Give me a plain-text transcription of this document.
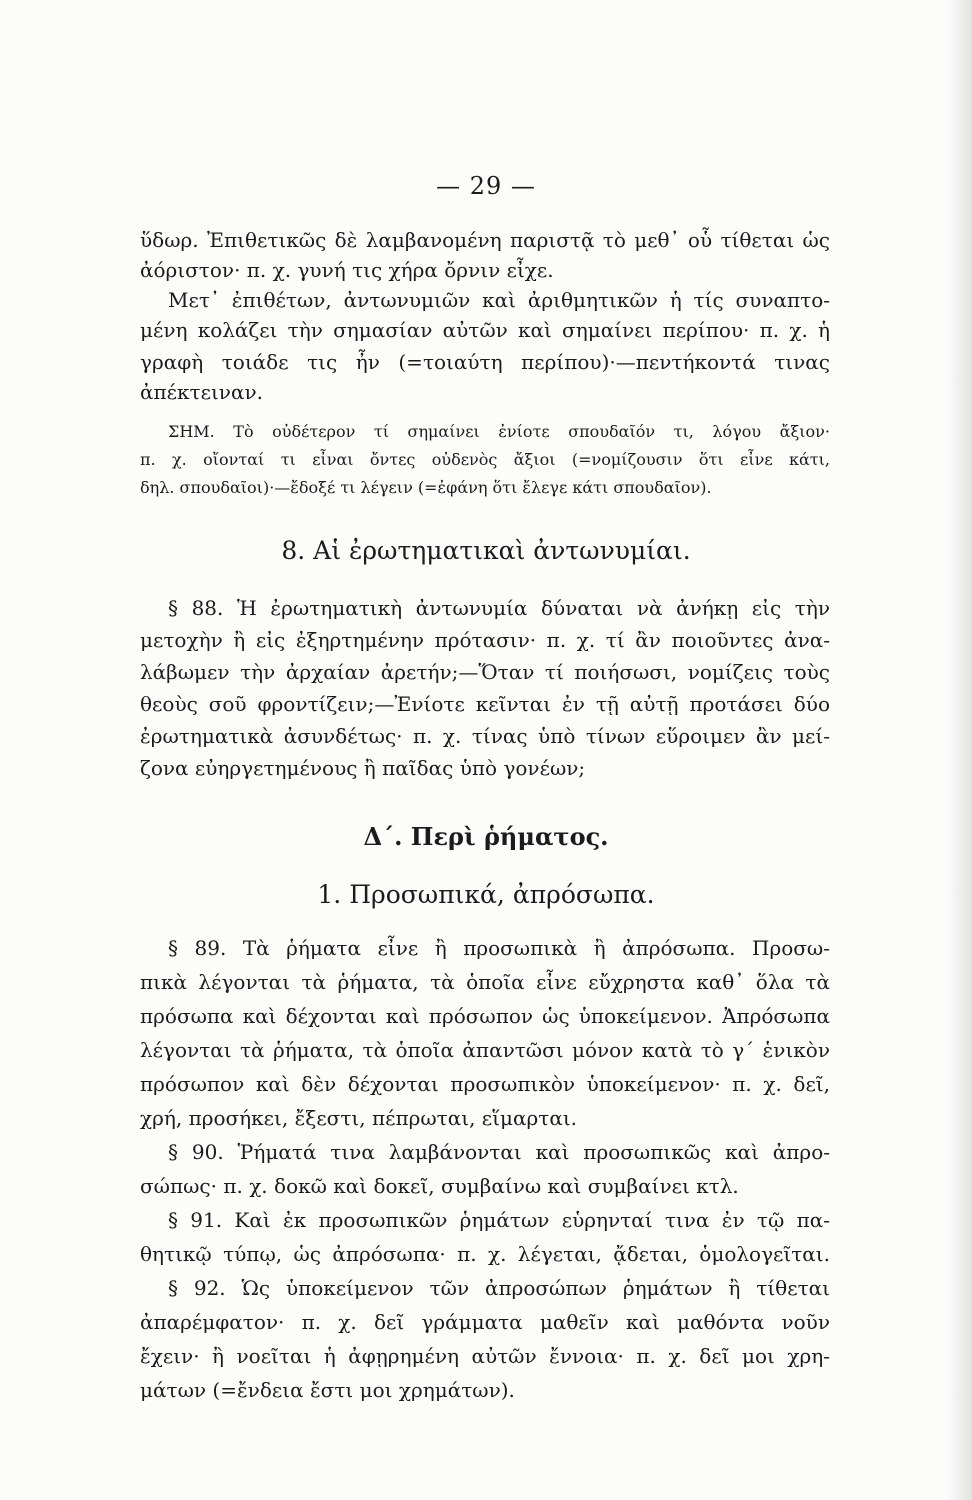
— 29 —
ὕδωρ. Ἐπιθετικῶς δὲ λαμβανομένη παριστᾷ τὸ μεθ᾽ οὗ τίθεται ὡς
ἀόριστον· π. χ. γυνή τις χήρα ὄρνιν εἶχε.
Μετ᾽ ἐπιθέτων, ἀντωνυμιῶν καὶ ἀριθμητικῶν ἡ τίς συναπτο-
μένη κολάζει τὴν σημασίαν αὐτῶν καὶ σημαίνει περίπου· π. χ. ἡ
γραφὴ τοιάδε τις ἦν (=τοιαύτη περίπου)·—πεντήκοντά τινας
ἀπέκτειναν.
ΣΗΜ. Τὸ οὐδέτερον τί σημαίνει ἐνίοτε σπουδαῖόν τι, λόγου ἄξιον·
π. χ. οἴονταί τι εἶναι ὄντες οὐδενὸς ἄξιοι (=νομίζουσιν ὅτι εἶνε κάτι,
δηλ. σπουδαῖοι)·—ἔδοξέ τι λέγειν (=ἐφάνη ὅτι ἔλεγε κάτι σπουδαῖον).
8. Αἱ ἐρωτηματικαὶ ἀντωνυμίαι.
§ 88. Ἡ ἐρωτηματικὴ ἀντωνυμία δύναται νὰ ἀνήκῃ εἰς τὴν
μετοχὴν ἢ εἰς ἐξηρτημένην πρότασιν· π. χ. τί ἂν ποιοῦντες ἀνα-
λάβωμεν τὴν ἀρχαίαν ἀρετήν;—Ὅταν τί ποιήσωσι, νομίζεις τοὺς
θεοὺς σοῦ φροντίζειν;—Ἐνίοτε κεῖνται ἐν τῇ αὐτῇ προτάσει δύο
ἐρωτηματικὰ ἀσυνδέτως· π. χ. τίνας ὑπὸ τίνων εὕροιμεν ἂν μεί-
ζονα εὐηργετημένους ἢ παῖδας ὑπὸ γονέων;
Δ΄. Περὶ ῥήματος.
1. Προσωπικά, ἀπρόσωπα.
§ 89. Τὰ ῥήματα εἶνε ἢ προσωπικὰ ἢ ἀπρόσωπα. Προσω-
πικὰ λέγονται τὰ ῥήματα, τὰ ὁποῖα εἶνε εὔχρηστα καθ᾽ ὅλα τὰ
πρόσωπα καὶ δέχονται καὶ πρόσωπον ὡς ὑποκείμενον. Ἀπρόσωπα
λέγονται τὰ ῥήματα, τὰ ὁποῖα ἀπαντῶσι μόνον κατὰ τὸ γ΄ ἑνικὸν
πρόσωπον καὶ δὲν δέχονται προσωπικὸν ὑποκείμενον· π. χ. δεῖ,
χρή, προσήκει, ἔξεστι, πέπρωται, εἵμαρται.
§ 90. Ῥήματά τινα λαμβάνονται καὶ προσωπικῶς καὶ ἀπρο-
σώπως· π. χ. δοκῶ καὶ δοκεῖ, συμβαίνω καὶ συμβαίνει κτλ.
§ 91. Καὶ ἐκ προσωπικῶν ῥημάτων εὑρηνταί τινα ἐν τῷ πα-
θητικῷ τύπῳ, ὡς ἀπρόσωπα· π. χ. λέγεται, ᾄδεται, ὁμολογεῖται.
§ 92. Ὡς ὑποκείμενον τῶν ἀπροσώπων ῥημάτων ἢ τίθεται
ἀπαρέμφατον· π. χ. δεῖ γράμματα μαθεῖν καὶ μαθόντα νοῦν
ἔχειν· ἢ νοεῖται ἡ ἀφῃρημένη αὐτῶν ἔννοια· π. χ. δεῖ μοι χρη-
μάτων (=ἔνδεια ἔστι μοι χρημάτων).
